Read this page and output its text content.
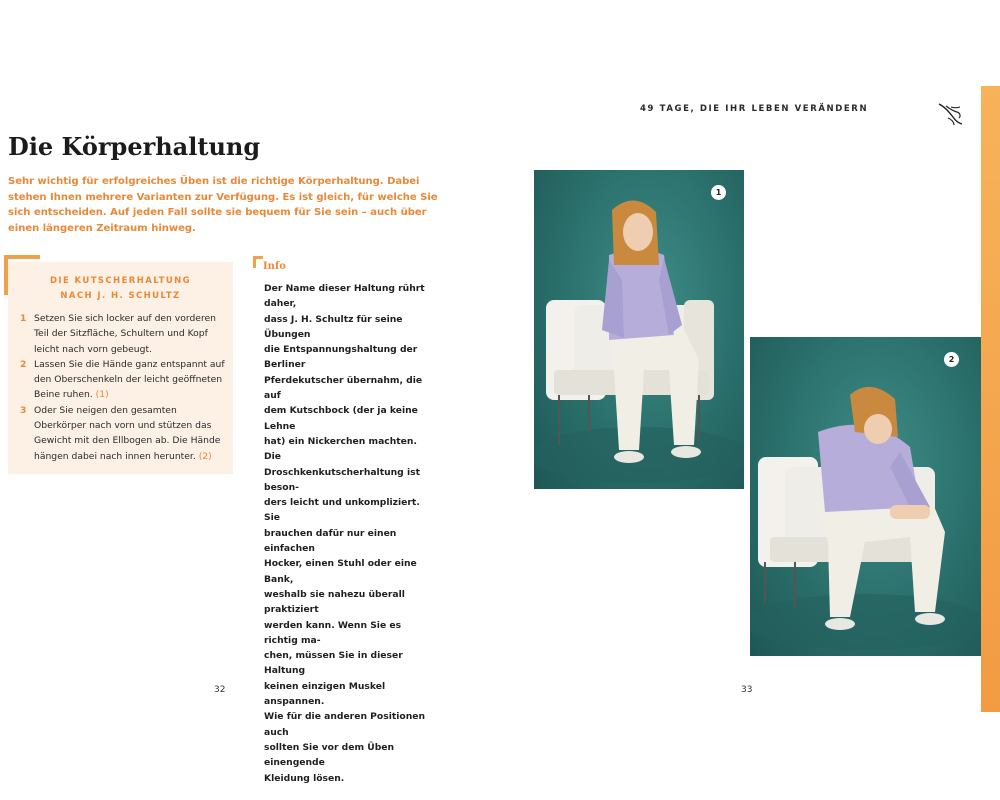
49 TAGE, DIE IHR LEBEN VERÄNDERN
Die Körperhaltung
Sehr wichtig für erfolgreiches Üben ist die richtige Körperhaltung. Dabei stehen Ihnen mehrere Varianten zur Verfügung. Es ist gleich, für welche Sie sich entscheiden. Auf jeden Fall sollte sie bequem für Sie sein – auch über einen längeren Zeitraum hinweg.
DIE KUTSCHERHALTUNG
NACH J. H. SCHULTZ
1 Setzen Sie sich locker auf den vorderen Teil der Sitzfläche, Schultern und Kopf leicht nach vorn gebeugt.
2 Lassen Sie die Hände ganz entspannt auf den Oberschenkeln der leicht geöffneten Beine ruhen. (1)
3 Oder Sie neigen den gesamten Oberkörper nach vorn und stützen das Gewicht mit den Ellbogen ab. Die Hände hängen dabei nach innen herunter. (2)
Info
Der Name dieser Haltung rührt daher,
dass J. H. Schultz für seine Übungen
die Entspannungshaltung der Berliner
Pferdekutscher übernahm, die auf
dem Kutschbock (der ja keine Lehne
hat) ein Nickerchen machten. Die
Droschkenkutscherhaltung ist beson-
ders leicht und unkompliziert. Sie
brauchen dafür nur einen einfachen
Hocker, einen Stuhl oder eine Bank,
weshalb sie nahezu überall praktiziert
werden kann. Wenn Sie es richtig ma-
chen, müssen Sie in dieser Haltung
keinen einzigen Muskel anspannen.
Wie für die anderen Positionen auch
sollten Sie vor dem Üben einengende
Kleidung lösen.
32	33
1
2
